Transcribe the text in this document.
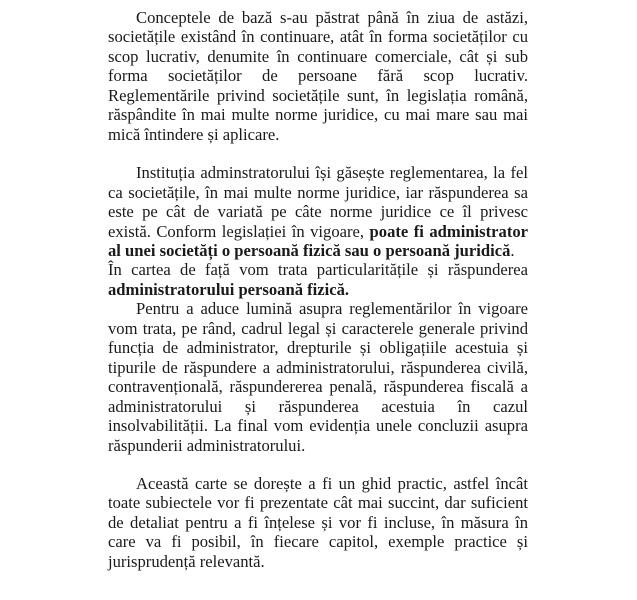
Conceptele de bază s-au păstrat până în ziua de astăzi, societățile existând în continuare, atât în forma societăților cu scop lucrativ, denumite în continuare comerciale, cât și sub forma societăților de persoane fără scop lucrativ. Reglementările privind societățile sunt, în legislația română, răspândite în mai multe norme juridice, cu mai mare sau mai mică întindere și aplicare.

Instituția adminstratorului își găsește reglementarea, la fel ca societățile, în mai multe norme juridice, iar răspunderea sa este pe cât de variată pe câte norme juridice ce îl privesc există. Conform legislației în vigoare, poate fi administrator al unei societăți o persoană fizică sau o persoană juridică.

În cartea de față vom trata particularitățile și răspunderea administratorului persoană fizică.

Pentru a aduce lumină asupra reglementărilor în vigoare vom trata, pe rând, cadrul legal și caracterele generale privind funcția de administrator, drepturile și obligațiile acestuia și tipurile de răspundere a administratorului, răspunderea civilă, contravențională, răspundererea penală, răspunderea fiscală a administratorului și răspunderea acestuia în cazul insolvabilității. La final vom evidenția unele concluzii asupra răspunderii administratorului.

Această carte se dorește a fi un ghid practic, astfel încât toate subiectele vor fi prezentate cât mai succint, dar suficient de detaliat pentru a fi înțelese și vor fi incluse, în măsura în care va fi posibil, în fiecare capitol, exemple practice și jurisprudență relevantă.
